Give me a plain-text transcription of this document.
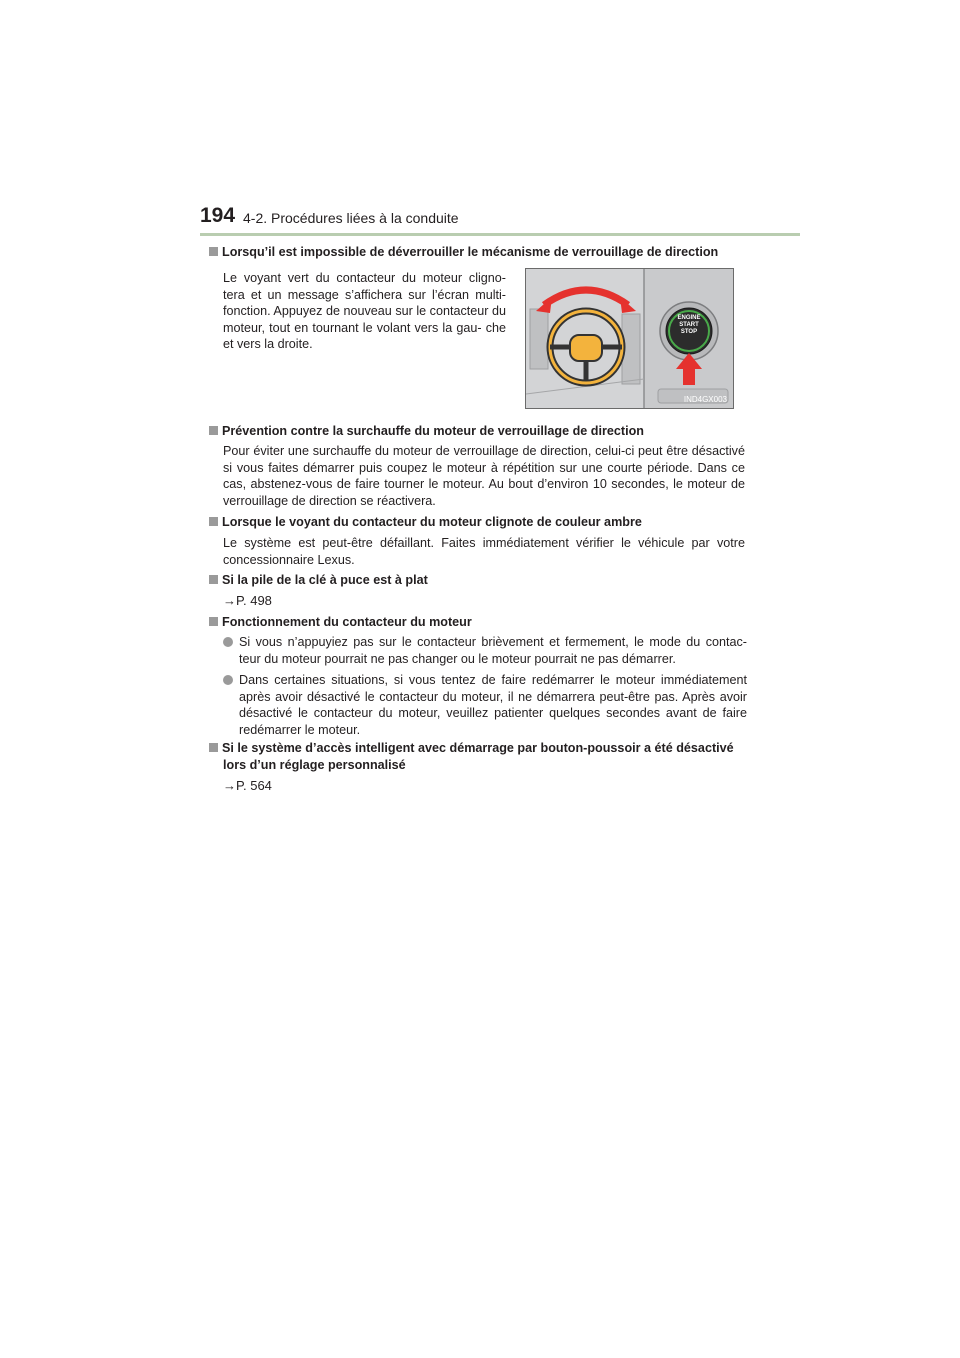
194 4-2. Procédures liées à la conduite
Lorsqu’il est impossible de déverrouiller le mécanisme de verrouillage de direction
Le voyant vert du contacteur du moteur cligno- tera et un message s’affichera sur l’écran multi- fonction. Appuyez de nouveau sur le contacteur du moteur, tout en tournant le volant vers la gau- che et vers la droite.
ENGINE
START
STOP
IND4GX003
Prévention contre la surchauffe du moteur de verrouillage de direction
Pour éviter une surchauffe du moteur de verrouillage de direction, celui-ci peut être désactivé si vous faites démarrer puis coupez le moteur à répétition sur une courte période. Dans ce cas, abstenez-vous de faire tourner le moteur. Au bout d’environ 10 secondes, le moteur de verrouillage de direction se réactivera.
Lorsque le voyant du contacteur du moteur clignote de couleur ambre
Le système est peut-être défaillant. Faites immédiatement vérifier le véhicule par votre concessionnaire Lexus.
Si la pile de la clé à puce est à plat
→P. 498
Fonctionnement du contacteur du moteur
Si vous n’appuyiez pas sur le contacteur brièvement et fermement, le mode du contac- teur du moteur pourrait ne pas changer ou le moteur pourrait ne pas démarrer.
Dans certaines situations, si vous tentez de faire redémarrer le moteur immédiatement après avoir désactivé le contacteur du moteur, il ne démarrera peut-être pas. Après avoir désactivé le contacteur du moteur, veuillez patienter quelques secondes avant de faire redémarrer le moteur.
Si le système d’accès intelligent avec démarrage par bouton-poussoir a été désactivé
lors d’un réglage personnalisé
→P. 564
